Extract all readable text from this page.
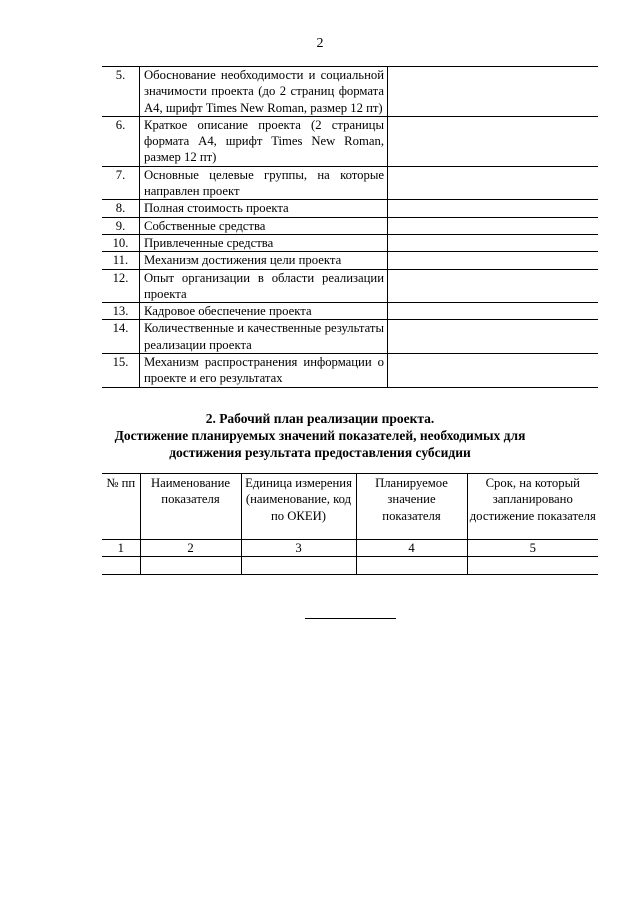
2
5.	Обоснование необходимости и социальной значимости проекта (до 2 страниц формата А4, шрифт Times New Roman, размер 12 пт)	
6.	Краткое описание проекта (2 страницы формата А4, шрифт Times New Roman, размер 12 пт)	
7.	Основные целевые группы, на которые направлен проект	
8.	Полная стоимость проекта	
9.	Собственные средства	
10.	Привлеченные средства	
11.	Механизм достижения цели проекта	
12.	Опыт организации в области реализации проекта	
13.	Кадровое обеспечение проекта	
14.	Количественные и качественные результаты реализации проекта	
15.	Механизм распространения информации о проекте и его результатах	
2. Рабочий план реализации проекта.
Достижение планируемых значений показателей, необходимых для
достижения результата предоставления субсидии
№ пп	Наименование показателя	Единица измерения (наименование, код по ОКЕИ)	Планируемое значение показателя	Срок, на который запланировано достижение показателя
1	2	3	4	5
